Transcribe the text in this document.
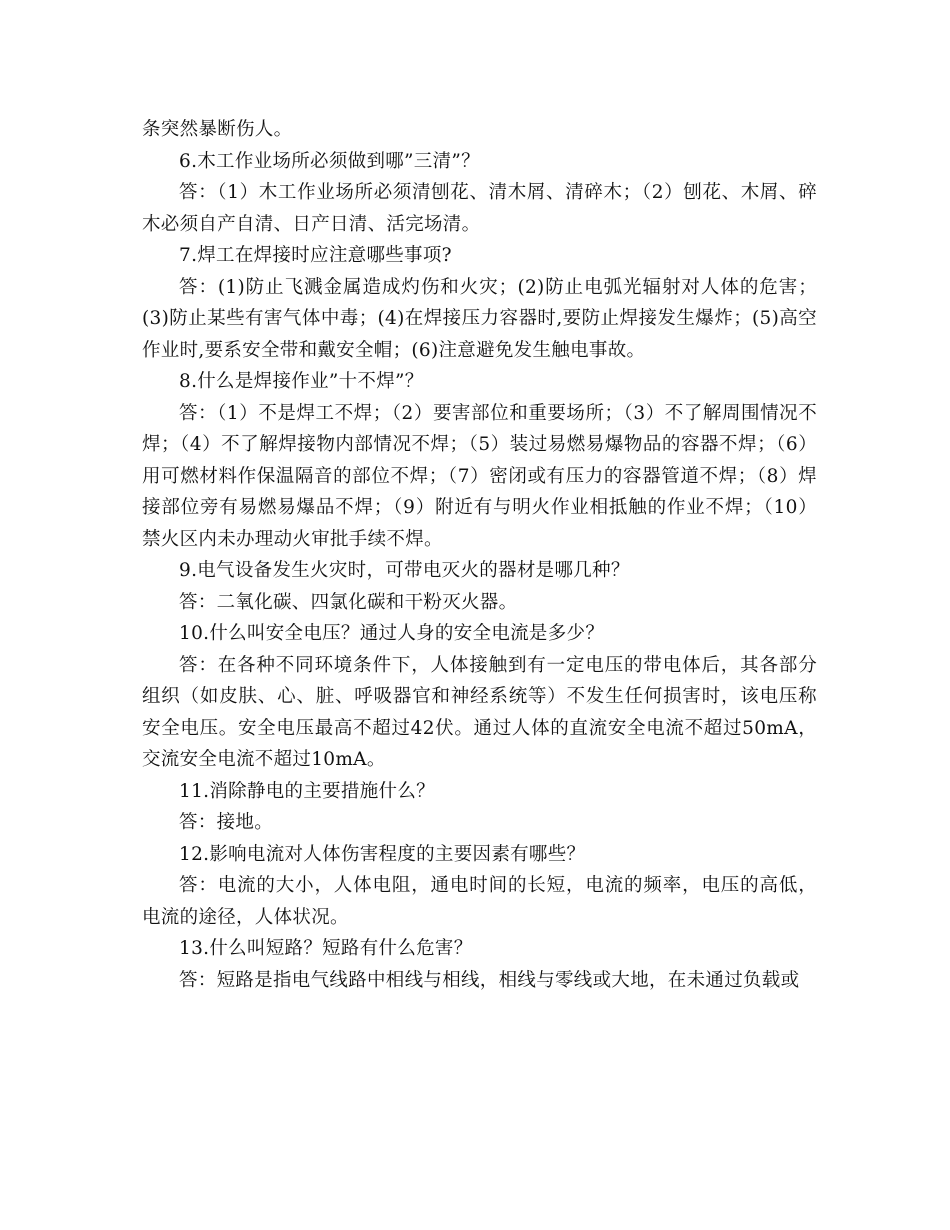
条突然暴断伤人。

6.木工作业场所必须做到哪”三清”？

答：（1）木工作业场所必须清刨花、清木屑、清碎木；（2）刨花、木屑、碎木必须自产自清、日产日清、活完场清。

7.焊工在焊接时应注意哪些事项?

答：(1)防止飞溅金属造成灼伤和火灾；(2)防止电弧光辐射对人体的危害；(3)防止某些有害气体中毒；(4)在焊接压力容器时,要防止焊接发生爆炸；(5)高空作业时,要系安全带和戴安全帽；(6)注意避免发生触电事故。

8.什么是焊接作业”十不焊”？

答：（1）不是焊工不焊；（2）要害部位和重要场所；（3）不了解周围情况不焊；（4）不了解焊接物内部情况不焊；（5）装过易燃易爆物品的容器不焊；（6）用可燃材料作保温隔音的部位不焊；（7）密闭或有压力的容器管道不焊；（8）焊接部位旁有易燃易爆品不焊；（9）附近有与明火作业相抵触的作业不焊；（10）禁火区内未办理动火审批手续不焊。

9.电气设备发生火灾时，可带电灭火的器材是哪几种？

答：二氧化碳、四氯化碳和干粉灭火器。

10.什么叫安全电压？通过人身的安全电流是多少？

答：在各种不同环境条件下，人体接触到有一定电压的带电体后，其各部分组织（如皮肤、心、脏、呼吸器官和神经系统等）不发生任何损害时，该电压称安全电压。安全电压最高不超过42伏。通过人体的直流安全电流不超过50mA，交流安全电流不超过10mA。

11.消除静电的主要措施什么？

答：接地。

12.影响电流对人体伤害程度的主要因素有哪些？

答：电流的大小，人体电阻，通电时间的长短，电流的频率，电压的高低，电流的途径，人体状况。

13.什么叫短路？短路有什么危害？

答：短路是指电气线路中相线与相线，相线与零线或大地，在未通过负载或
